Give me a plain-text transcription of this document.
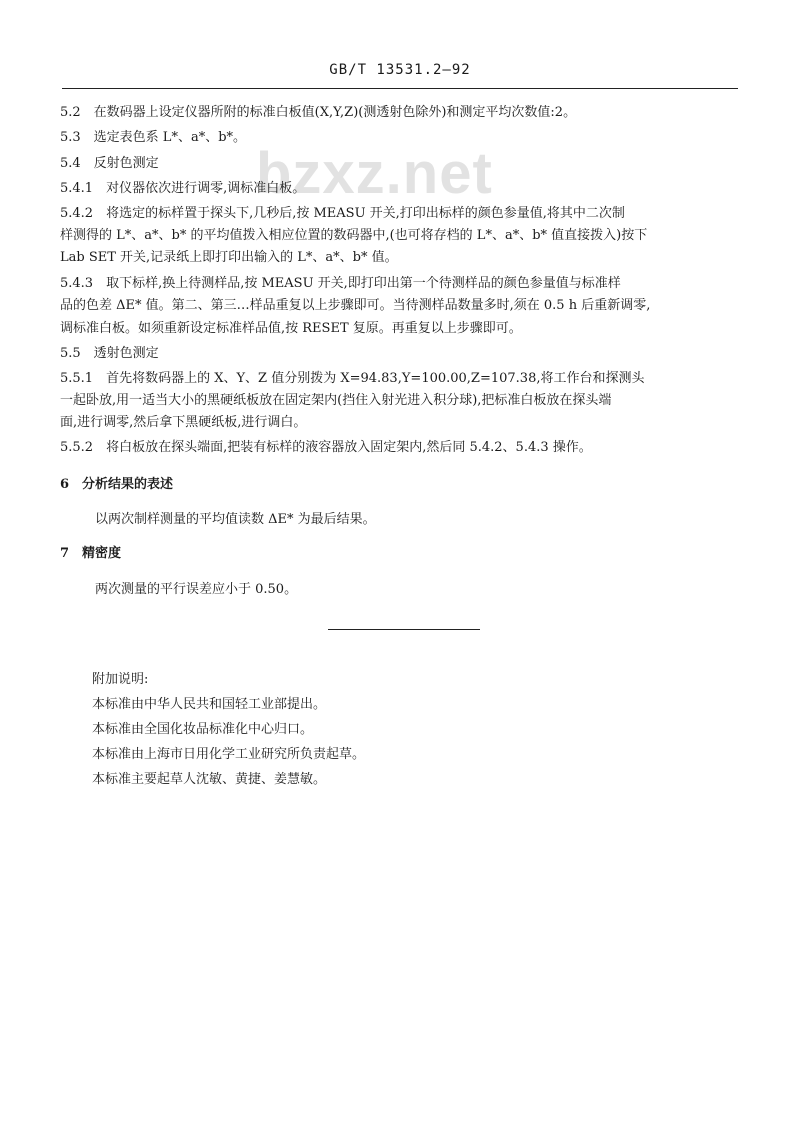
GB/T 13531.2—92
bzxz.net

5.2　在数码器上设定仪器所附的标准白板值(X,Y,Z)(测透射色除外)和测定平均次数值:2。

5.3　选定表色系 L*、a*、b*。

5.4　反射色测定

5.4.1　对仪器依次进行调零,调标准白板。

5.4.2　将选定的标样置于探头下,几秒后,按 MEASU 开关,打印出标样的颜色参量值,将其中二次制

样测得的 L*、a*、b* 的平均值拨入相应位置的数码器中,(也可将存档的 L*、a*、b* 值直接拨入)按下

Lab SET 开关,记录纸上即打印出输入的 L*、a*、b* 值。

5.4.3　取下标样,换上待测样品,按 MEASU 开关,即打印出第一个待测样品的颜色参量值与标准样

品的色差 ΔE* 值。第二、第三…样品重复以上步骤即可。当待测样品数量多时,须在 0.5 h 后重新调零,

调标准白板。如须重新设定标准样品值,按 RESET 复原。再重复以上步骤即可。

5.5　透射色测定

5.5.1　首先将数码器上的 X、Y、Z 值分别拨为 X=94.83,Y=100.00,Z=107.38,将工作台和探测头

一起卧放,用一适当大小的黑硬纸板放在固定架内(挡住入射光进入积分球),把标准白板放在探头端

面,进行调零,然后拿下黑硬纸板,进行调白。

5.5.2　将白板放在探头端面,把装有标样的液容器放入固定架内,然后同 5.4.2、5.4.3 操作。

6　分析结果的表述

以两次制样测量的平均值读数 ΔE* 为最后结果。

7　精密度

两次测量的平行误差应小于 0.50。

附加说明:

本标准由中华人民共和国轻工业部提出。

本标准由全国化妆品标准化中心归口。

本标准由上海市日用化学工业研究所负责起草。

本标准主要起草人沈敏、黄捷、姜慧敏。
